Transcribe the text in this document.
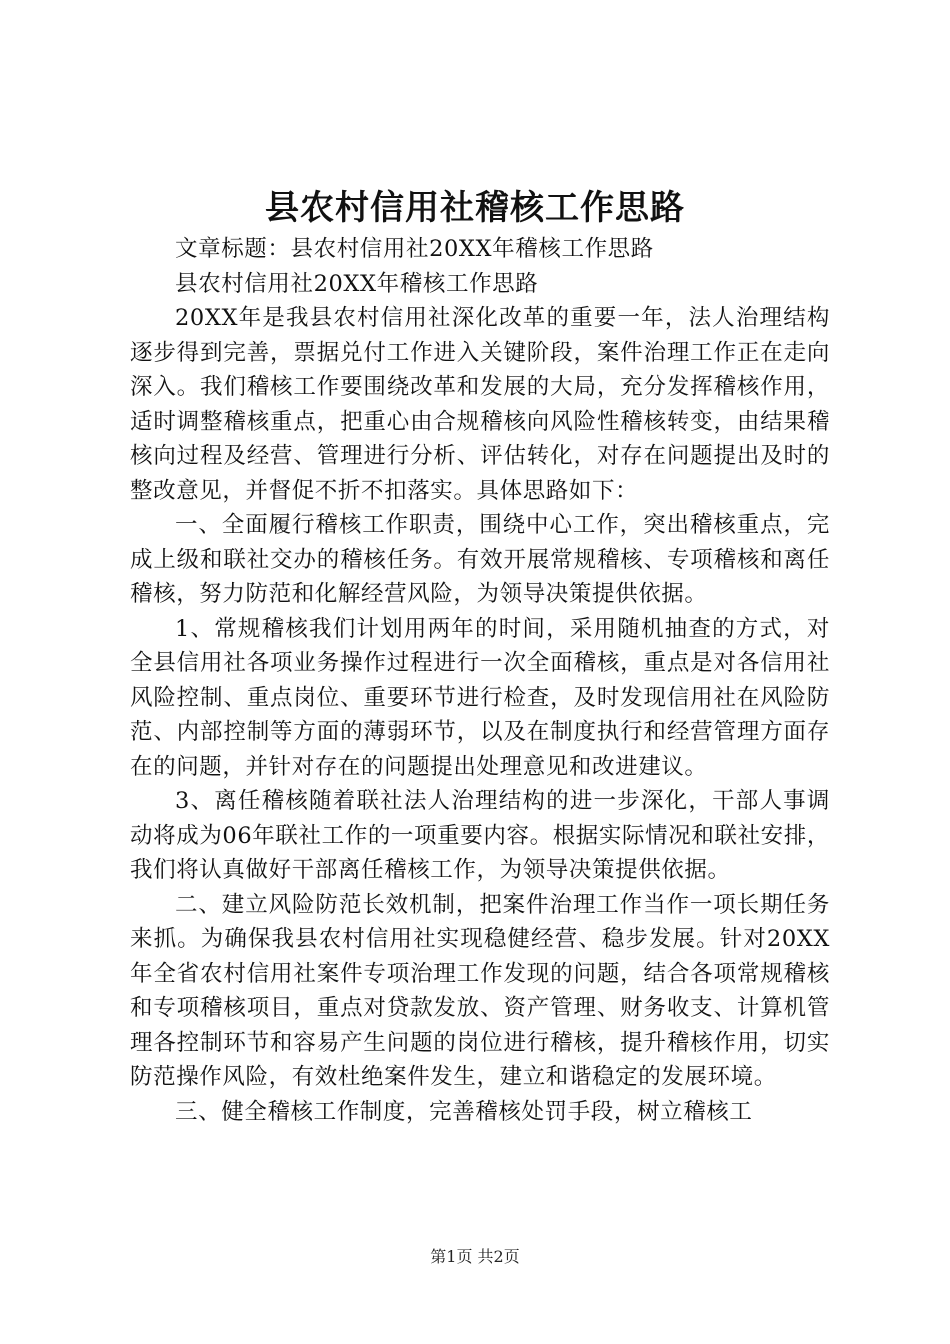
县农村信用社稽核工作思路

文章标题：县农村信用社20XX年稽核工作思路

县农村信用社20XX年稽核工作思路

20XX年是我县农村信用社深化改革的重要一年，法人治理结构逐步得到完善，票据兑付工作进入关键阶段，案件治理工作正在走向深入。我们稽核工作要围绕改革和发展的大局，充分发挥稽核作用，适时调整稽核重点，把重心由合规稽核向风险性稽核转变，由结果稽核向过程及经营、管理进行分析、评估转化，对存在问题提出及时的整改意见，并督促不折不扣落实。具体思路如下：

一、全面履行稽核工作职责，围绕中心工作，突出稽核重点，完成上级和联社交办的稽核任务。有效开展常规稽核、专项稽核和离任稽核，努力防范和化解经营风险，为领导决策提供依据。

1、常规稽核我们计划用两年的时间，采用随机抽查的方式，对全县信用社各项业务操作过程进行一次全面稽核，重点是对各信用社风险控制、重点岗位、重要环节进行检查，及时发现信用社在风险防范、内部控制等方面的薄弱环节，以及在制度执行和经营管理方面存在的问题，并针对存在的问题提出处理意见和改进建议。

3、离任稽核随着联社法人治理结构的进一步深化，干部人事调动将成为06年联社工作的一项重要内容。根据实际情况和联社安排，我们将认真做好干部离任稽核工作，为领导决策提供依据。

二、建立风险防范长效机制，把案件治理工作当作一项长期任务来抓。为确保我县农村信用社实现稳健经营、稳步发展。针对20XX年全省农村信用社案件专项治理工作发现的问题，结合各项常规稽核和专项稽核项目，重点对贷款发放、资产管理、财务收支、计算机管理各控制环节和容易产生问题的岗位进行稽核，提升稽核作用，切实防范操作风险，有效杜绝案件发生，建立和谐稳定的发展环境。

三、健全稽核工作制度，完善稽核处罚手段，树立稽核工

第1页 共2页
